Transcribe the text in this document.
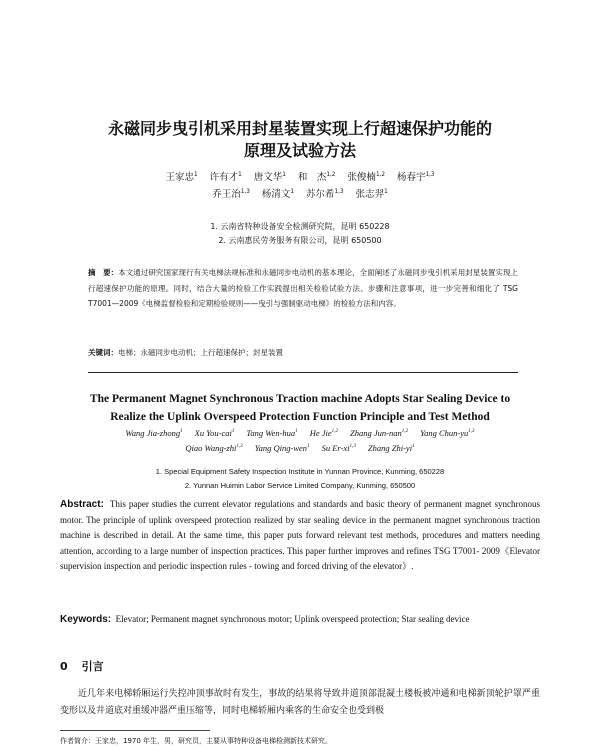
永磁同步曳引机采用封星装置实现上行超速保护功能的
原理及试验方法
王家忠$^1$ 许有才$^1$ 唐文华$^1$ 和　杰$^{1,2}$ 张俊楠$^{1,2}$ 杨春宇$^{1,3}$
乔王治$^{1,3}$ 杨清文$^1$ 苏尔希$^{1,3}$ 张志羿$^1$
1. 云南省特种设备安全检测研究院，昆明 650228
2. 云南惠民劳务服务有限公司，昆明 650500
摘　要：本文通过研究国家现行有关电梯法规标准和永磁同步电动机的基本理论，全面阐述了永磁同步曳引机采用封星装置实现上行超速保护功能的原理。同时，结合大量的检验工作实践提出相关检验试验方法、步骤和注意事项，进一步完善和细化了 TSG T7001—2009《电梯监督检验和定期检验规则——曳引与强制驱动电梯》的检验方法和内容。
关键词：电梯；永磁同步电动机；上行超速保护；封星装置
The Permanent Magnet Synchronous Traction machine Adopts Star Sealing Device to
Realize the Uplink Overspeed Protection Function Principle and Test Method
Wang Jia-zhong$^1$ Xu You-cai$^1$ Tang Wen-hua$^1$ He Jie$^{1,2}$ Zhang Jun-nan$^{1,2}$ Yang Chun-yu$^{1,3}$
Qiao Wang-zhi$^{1,3}$ Yang Qing-wen$^1$ Su Er-xi$^{1,3}$ Zhang Zhi-$yi^1$
1. Special Equipment Safety Inspection Institute in Yunnan Province, Kunming, 650228
2. Yunnan Huimin Labor Service Limited Company, Kunming, 650500
Abstract: This paper studies the current elevator regulations and standards and basic theory of permanent magnet synchronous motor. The principle of uplink overspeed protection realized by star sealing device in the permanent magnet synchronous traction machine is described in detail. At the same time, this paper puts forward relevant test methods, procedures and matters needing attention, according to a large number of inspection practices. This paper further improves and refines TSG T7001- 2009《Elevator supervision inspection and periodic inspection rules - towing and forced driving of the elevator》.
Keywords: Elevator; Permanent magnet synchronous motor; Uplink overspeed protection; Star sealing device
0 引言
近几年来电梯轿厢运行失控冲顶事故时有发生，事故的结果将导致井道顶部混凝土楼板被冲通和电梯新顶轮护罩严重变形以及井道底对重缓冲器严重压缩等，同时电梯轿厢内乘客的生命安全也受到极
作者简介：王家忠，1970 年生，男，研究员，主要从事特种设备电梯检测新技术研究。
